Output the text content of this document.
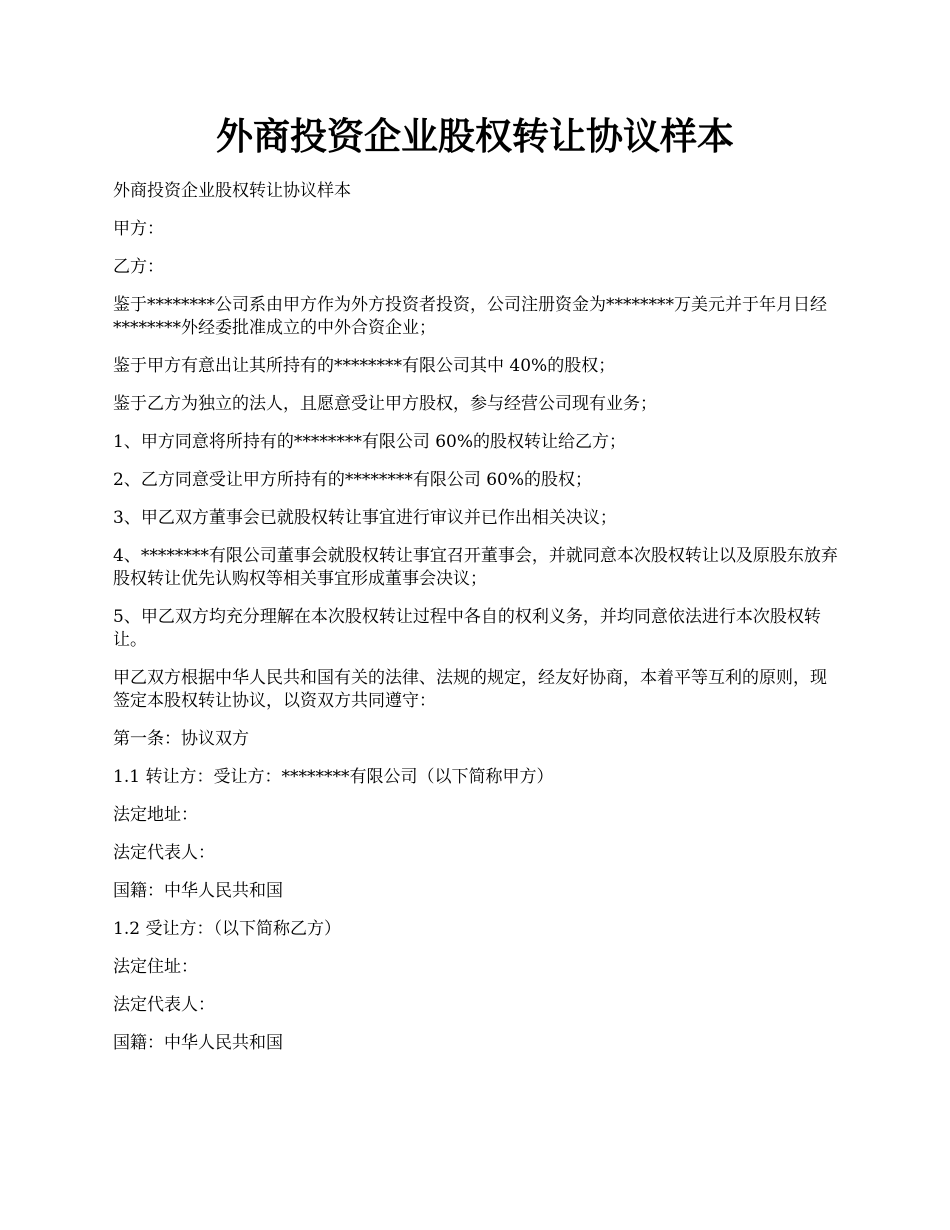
外商投资企业股权转让协议样本

外商投资企业股权转让协议样本

甲方：

乙方：

鉴于********公司系由甲方作为外方投资者投资，公司注册资金为********万美元并于年月日经********外经委批准成立的中外合资企业；

鉴于甲方有意出让其所持有的********有限公司其中 40%的股权；

鉴于乙方为独立的法人，且愿意受让甲方股权，参与经营公司现有业务；

1、甲方同意将所持有的********有限公司 60%的股权转让给乙方；

2、乙方同意受让甲方所持有的********有限公司 60%的股权；

3、甲乙双方董事会已就股权转让事宜进行审议并已作出相关决议；

4、********有限公司董事会就股权转让事宜召开董事会，并就同意本次股权转让以及原股东放弃股权转让优先认购权等相关事宜形成董事会决议；

5、甲乙双方均充分理解在本次股权转让过程中各自的权利义务，并均同意依法进行本次股权转让。

甲乙双方根据中华人民共和国有关的法律、法规的规定，经友好协商，本着平等互利的原则，现签定本股权转让协议，以资双方共同遵守：

第一条：协议双方

1.1 转让方：受让方：********有限公司（以下简称甲方）

法定地址：

法定代表人：

国籍：中华人民共和国

1.2 受让方：（以下简称乙方）

法定住址：

法定代表人：

国籍：中华人民共和国
